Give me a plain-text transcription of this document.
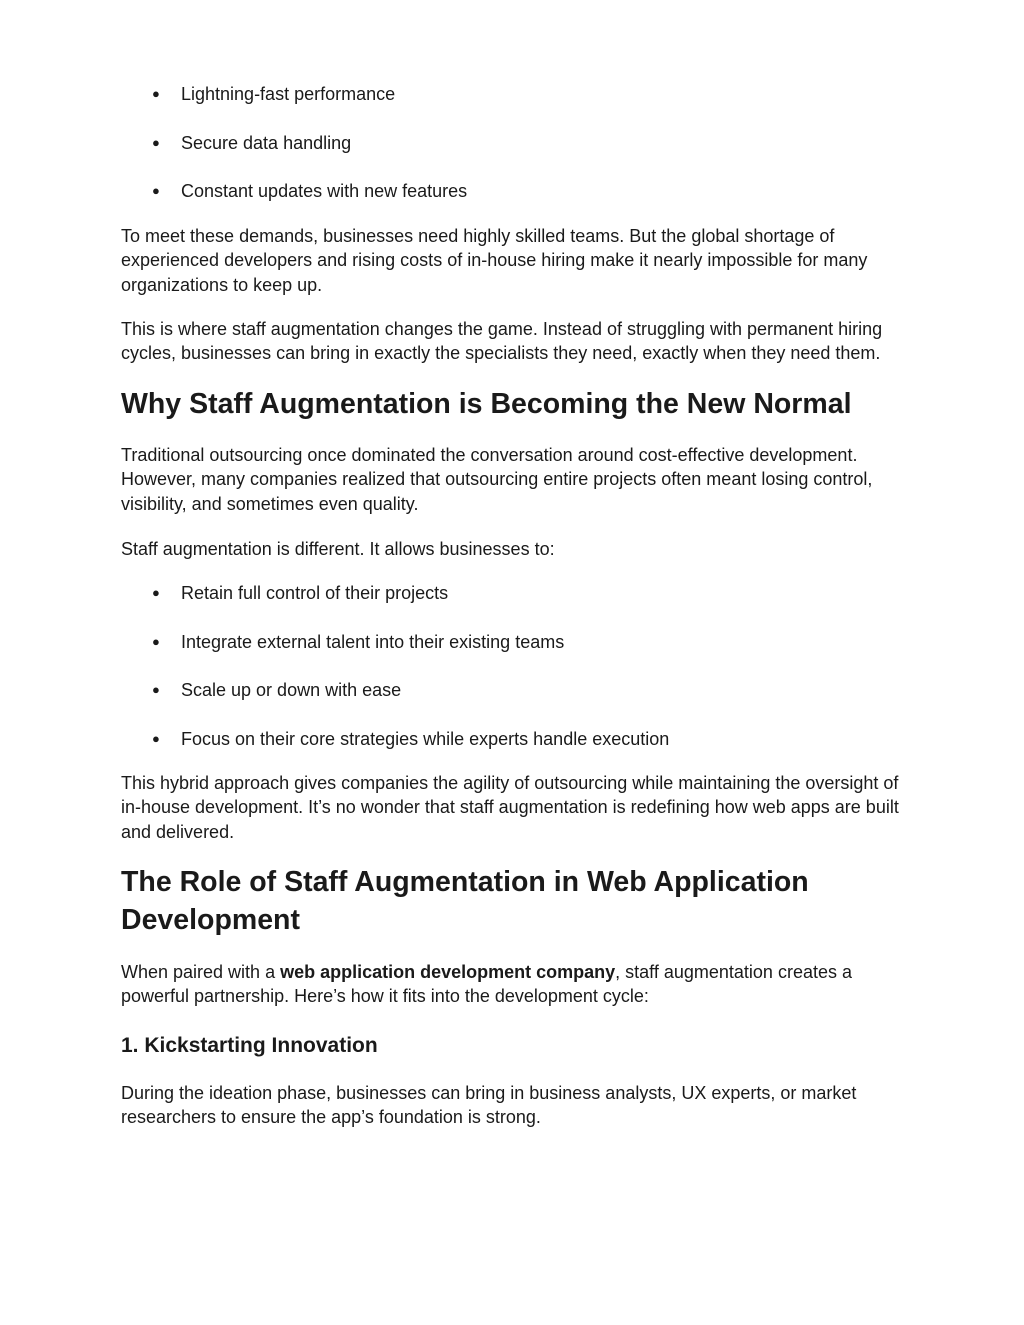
● Lightning-fast performance
● Secure data handling
● Constant updates with new features

To meet these demands, businesses need highly skilled teams. But the global shortage of experienced developers and rising costs of in-house hiring make it nearly impossible for many organizations to keep up.

This is where staff augmentation changes the game. Instead of struggling with permanent hiring cycles, businesses can bring in exactly the specialists they need, exactly when they need them.

Why Staff Augmentation is Becoming the New Normal

Traditional outsourcing once dominated the conversation around cost-effective development. However, many companies realized that outsourcing entire projects often meant losing control, visibility, and sometimes even quality.

Staff augmentation is different. It allows businesses to:

● Retain full control of their projects
● Integrate external talent into their existing teams
● Scale up or down with ease
● Focus on their core strategies while experts handle execution

This hybrid approach gives companies the agility of outsourcing while maintaining the oversight of in-house development. It’s no wonder that staff augmentation is redefining how web apps are built and delivered.

The Role of Staff Augmentation in Web Application Development

When paired with a web application development company, staff augmentation creates a powerful partnership. Here’s how it fits into the development cycle:

1. Kickstarting Innovation

During the ideation phase, businesses can bring in business analysts, UX experts, or market researchers to ensure the app’s foundation is strong.
